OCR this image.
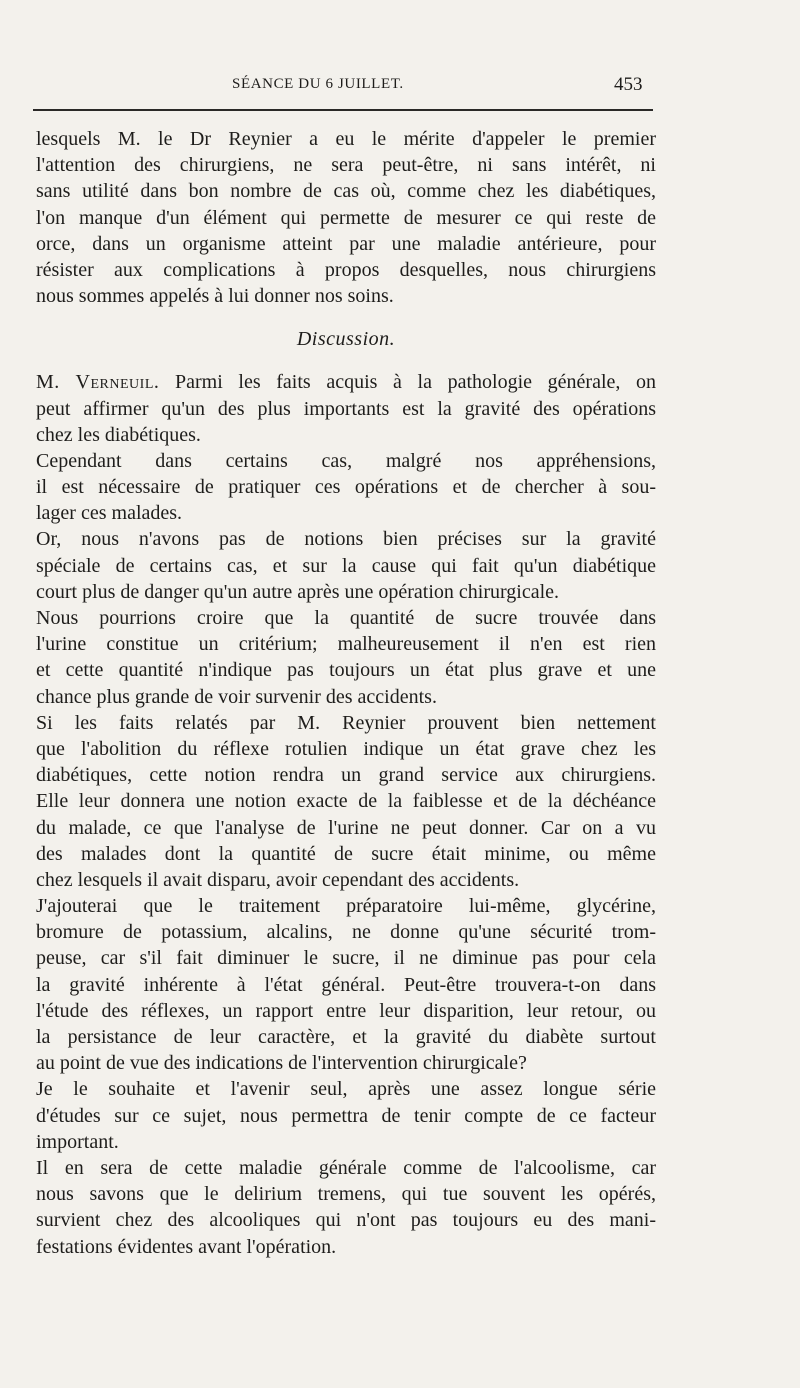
SÉANCE DU 6 JUILLET.	453
lesquels M. le Dr Reynier a eu le mérite d'appeler le premier
l'attention des chirurgiens, ne sera peut-être, ni sans intérêt, ni
sans utilité dans bon nombre de cas où, comme chez les diabétiques,
l'on manque d'un élément qui permette de mesurer ce qui reste de
orce, dans un organisme atteint par une maladie antérieure, pour
résister aux complications à propos desquelles, nous chirurgiens
nous sommes appelés à lui donner nos soins.
Discussion.
M. Verneuil. Parmi les faits acquis à la pathologie générale, on
peut affirmer qu'un des plus importants est la gravité des opérations
chez les diabétiques.
Cependant dans certains cas, malgré nos appréhensions,
il est nécessaire de pratiquer ces opérations et de chercher à sou-
lager ces malades.
Or, nous n'avons pas de notions bien précises sur la gravité
spéciale de certains cas, et sur la cause qui fait qu'un diabétique
court plus de danger qu'un autre après une opération chirurgicale.
Nous pourrions croire que la quantité de sucre trouvée dans
l'urine constitue un critérium; malheureusement il n'en est rien
et cette quantité n'indique pas toujours un état plus grave et une
chance plus grande de voir survenir des accidents.
Si les faits relatés par M. Reynier prouvent bien nettement
que l'abolition du réflexe rotulien indique un état grave chez les
diabétiques, cette notion rendra un grand service aux chirurgiens.
Elle leur donnera une notion exacte de la faiblesse et de la déchéance
du malade, ce que l'analyse de l'urine ne peut donner. Car on a vu
des malades dont la quantité de sucre était minime, ou même
chez lesquels il avait disparu, avoir cependant des accidents.
J'ajouterai que le traitement préparatoire lui-même, glycérine,
bromure de potassium, alcalins, ne donne qu'une sécurité trom-
peuse, car s'il fait diminuer le sucre, il ne diminue pas pour cela
la gravité inhérente à l'état général. Peut-être trouvera-t-on dans
l'étude des réflexes, un rapport entre leur disparition, leur retour, ou
la persistance de leur caractère, et la gravité du diabète surtout
au point de vue des indications de l'intervention chirurgicale?
Je le souhaite et l'avenir seul, après une assez longue série
d'études sur ce sujet, nous permettra de tenir compte de ce facteur
important.
Il en sera de cette maladie générale comme de l'alcoolisme, car
nous savons que le delirium tremens, qui tue souvent les opérés,
survient chez des alcooliques qui n'ont pas toujours eu des mani-
festations évidentes avant l'opération.
